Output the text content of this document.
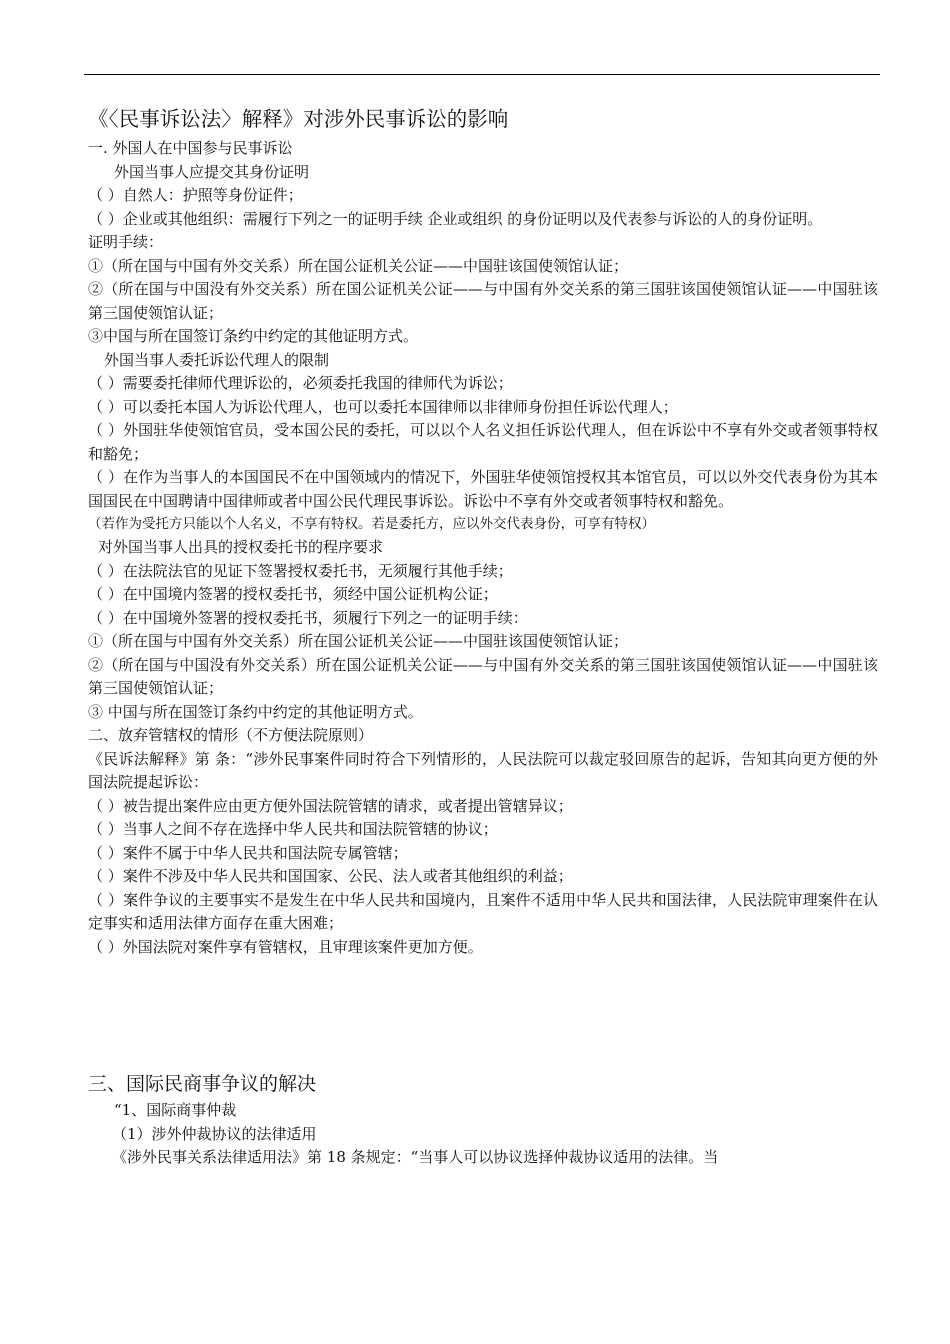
《〈民事诉讼法〉解释》对涉外民事诉讼的影响

一. 外国人在中国参与民事诉讼

外国当事人应提交其身份证明

（ ）自然人：护照等身份证件；

（ ）企业或其他组织：需履行下列之一的证明手续 企业或组织 的身份证明以及代表参与诉讼的人的身份证明。

证明手续：

①（所在国与中国有外交关系）所在国公证机关公证——中国驻该国使领馆认证；

②（所在国与中国没有外交关系）所在国公证机关公证——与中国有外交关系的第三国驻该国使领馆认证——中国驻该第三国使领馆认证；

③中国与所在国签订条约中约定的其他证明方式。

外国当事人委托诉讼代理人的限制

（ ）需要委托律师代理诉讼的，必须委托我国的律师代为诉讼；

（ ）可以委托本国人为诉讼代理人，也可以委托本国律师以非律师身份担任诉讼代理人；

（ ）外国驻华使领馆官员，受本国公民的委托，可以以个人名义担任诉讼代理人，但在诉讼中不享有外交或者领事特权和豁免；

（ ）在作为当事人的本国国民不在中国领域内的情况下，外国驻华使领馆授权其本馆官员，可以以外交代表身份为其本国国民在中国聘请中国律师或者中国公民代理民事诉讼。诉讼中不享有外交或者领事特权和豁免。

（若作为受托方只能以个人名义，不享有特权。若是委托方，应以外交代表身份，可享有特权）

对外国当事人出具的授权委托书的程序要求

（ ）在法院法官的见证下签署授权委托书，无须履行其他手续；

（ ）在中国境内签署的授权委托书，须经中国公证机构公证；

（ ）在中国境外签署的授权委托书，须履行下列之一的证明手续：

①（所在国与中国有外交关系）所在国公证机关公证——中国驻该国使领馆认证；

②（所在国与中国没有外交关系）所在国公证机关公证——与中国有外交关系的第三国驻该国使领馆认证——中国驻该第三国使领馆认证；

③ 中国与所在国签订条约中约定的其他证明方式。

二、放弃管辖权的情形（不方便法院原则）

《民诉法解释》第 条：“涉外民事案件同时符合下列情形的，人民法院可以裁定驳回原告的起诉，告知其向更方便的外国法院提起诉讼：

（ ）被告提出案件应由更方便外国法院管辖的请求，或者提出管辖异议；

（ ）当事人之间不存在选择中华人民共和国法院管辖的协议；

（ ）案件不属于中华人民共和国法院专属管辖；

（ ）案件不涉及中华人民共和国国家、公民、法人或者其他组织的利益；

（ ）案件争议的主要事实不是发生在中华人民共和国境内，且案件不适用中华人民共和国法律，人民法院审理案件在认定事实和适用法律方面存在重大困难；

（ ）外国法院对案件享有管辖权，且审理该案件更加方便。

三、国际民商事争议的解决

“1、国际商事仲裁

（1）涉外仲裁协议的法律适用

《涉外民事关系法律适用法》第 18 条规定：“当事人可以协议选择仲裁协议适用的法律。当
